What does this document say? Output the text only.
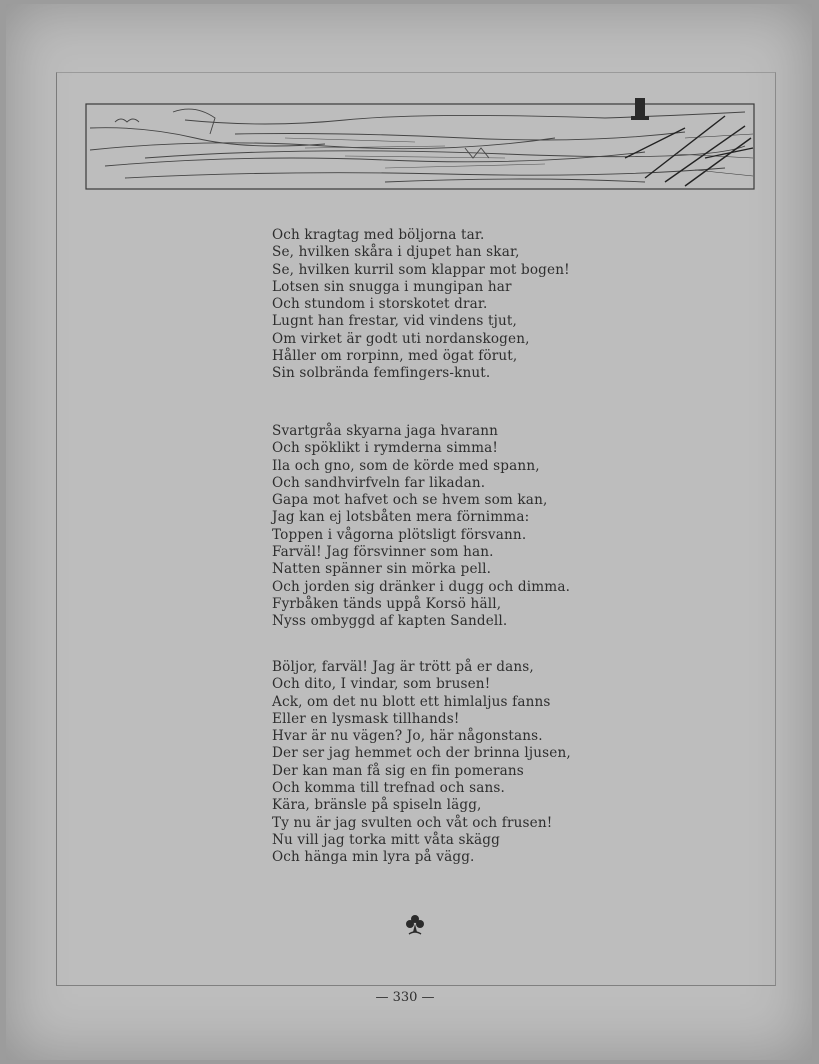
Och kragtag med böljorna tar.
Se, hvilken skåra i djupet han skar,
Se, hvilken kurril som klappar mot bogen!
Lotsen sin snugga i mungipan har
Och stundom i storskotet drar.
Lugnt han frestar, vid vindens tjut,
Om virket är godt uti nordanskogen,
Håller om rorpinn, med ögat förut,
Sin solbrända femfingers-knut.
Svartgråa skyarna jaga hvarann
Och spöklikt i rymderna simma!
Ila och gno, som de körde med spann,
Och sandhvirfveln far likadan.
Gapa mot hafvet och se hvem som kan,
Jag kan ej lotsbåten mera förnimma:
Toppen i vågorna plötsligt försvann.
Farväl! Jag försvinner som han.
Natten spänner sin mörka pell.
Och jorden sig dränker i dugg och dimma.
Fyrbåken tänds uppå Korsö häll,
Nyss ombyggd af kapten Sandell.
Böljor, farväl! Jag är trött på er dans,
Och dito, I vindar, som brusen!
Ack, om det nu blott ett himlaljus fanns
Eller en lysmask tillhands!
Hvar är nu vägen? Jo, här någonstans.
Der ser jag hemmet och der brinna ljusen,
Der kan man få sig en fin pomerans
Och komma till trefnad och sans.
Kära, bränsle på spiseln lägg,
Ty nu är jag svulten och våt och frusen!
Nu vill jag torka mitt våta skägg
Och hänga min lyra på vägg.
— 330 —
